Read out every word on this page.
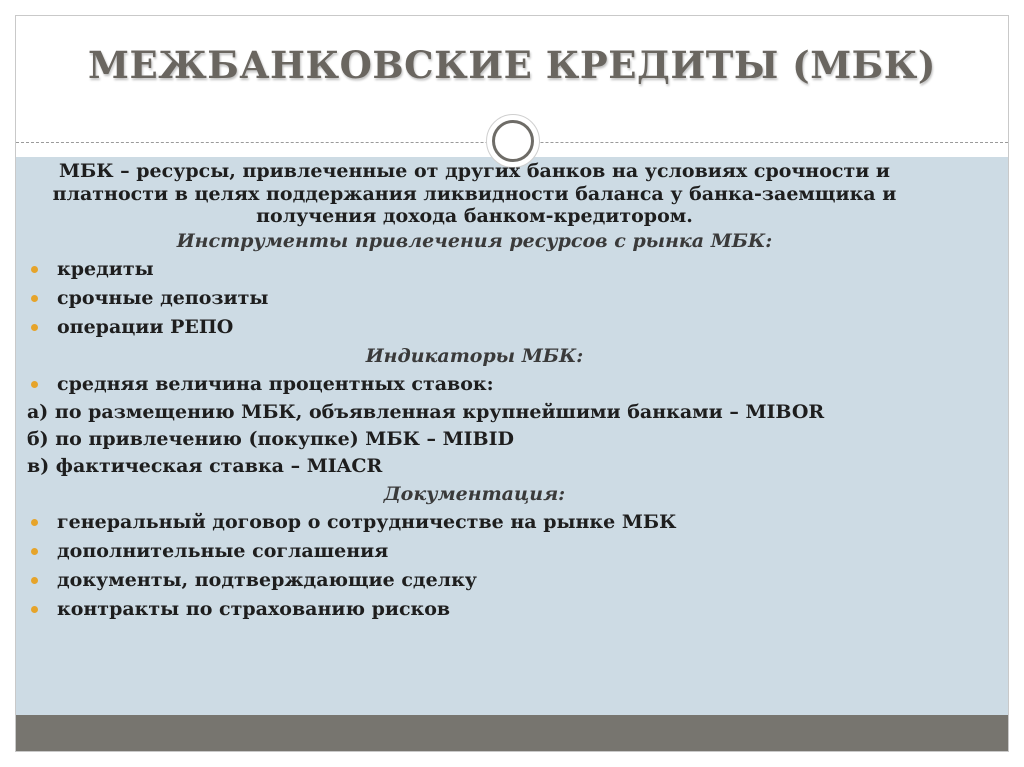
МЕЖБАНКОВСКИЕ КРЕДИТЫ (МБК)

МБК – ресурсы, привлеченные от других банков на условиях срочности и платности в целях поддержания ликвидности баланса у банка-заемщика и получения дохода банком-кредитором.

Инструменты привлечения ресурсов с рынка МБК:
кредиты
срочные депозиты
операции РЕПО
Индикаторы МБК:
средняя величина процентных ставок:

а) по размещению МБК, объявленная крупнейшими банками – MIBOR

б) по привлечению (покупке) МБК – MIBID

в) фактическая ставка – MIACR

Документация:
генеральный договор о сотрудничестве на рынке МБК
дополнительные соглашения
документы, подтверждающие сделку
контракты по страхованию рисков
